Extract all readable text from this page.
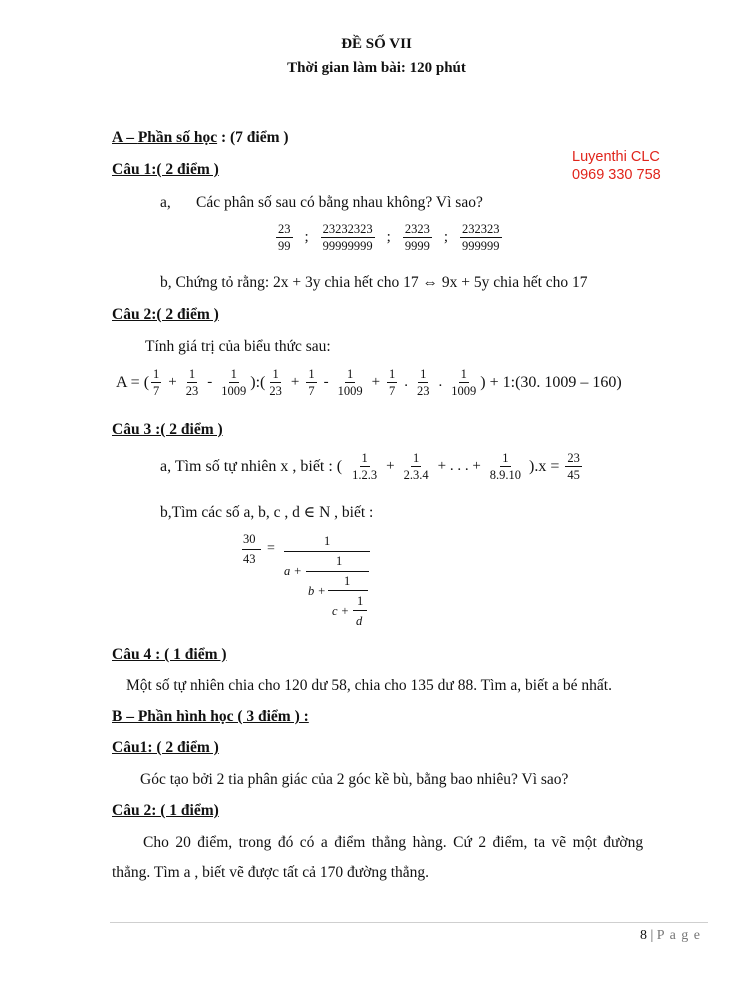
ĐỀ SỐ VII
Thời gian làm bài: 120 phút
Luyenthi CLC
0969 330 758
A – Phần số học : (7 điểm )
Câu 1:( 2 điểm )
a, Các phân số sau có bằng nhau không? Vì sao?
$\frac{23}{99}$ ; $\frac{23232323}{99999999}$ ; $\frac{2323}{9999}$ ; $\frac{232323}{999999}$
b, Chứng tỏ rằng: 2x + 3y chia hết cho 17 ⇔ 9x + 5y chia hết cho 17
Câu 2:( 2 điểm )
Tính giá trị của biểu thức sau:
A = ( $\frac{1}{7} + \frac{1}{23} - \frac{1}{1009}$ ):( $\frac{1}{23} + \frac{1}{7} - \frac{1}{1009} + \frac{1}{7}$ . $\frac{1}{23}$ . $\frac{1}{1009}$ ) + 1:(30. 1009 – 160)
Câu 3 :( 2 điểm )
a, Tìm số tự nhiên x , biết : ( $\frac{1}{1.2.3} + \frac{1}{2.3.4}$ + . . . + $\frac{1}{8.9.10} ).x = \frac{23}{45}$
b,Tìm các số a, b, c , d ∈ N , biết :
30
43
=	1
a +
1
b +
1
c +
1
d
Câu 4 : ( 1 điểm )
Một số tự nhiên chia cho 120 dư 58, chia cho 135 dư 88. Tìm a, biết a bé nhất.
B – Phần hình học ( 3 điểm ) :
Câu1: ( 2 điểm )
Góc tạo bởi 2 tia phân giác của 2 góc kề bù, bằng bao nhiêu? Vì sao?
Câu 2: ( 1 điểm)
Cho 20 điểm, trong đó có a điểm thẳng hàng. Cứ 2 điểm, ta vẽ một đường
thẳng. Tìm a , biết vẽ được tất cả 170 đường thẳng.
8 | P a g e
